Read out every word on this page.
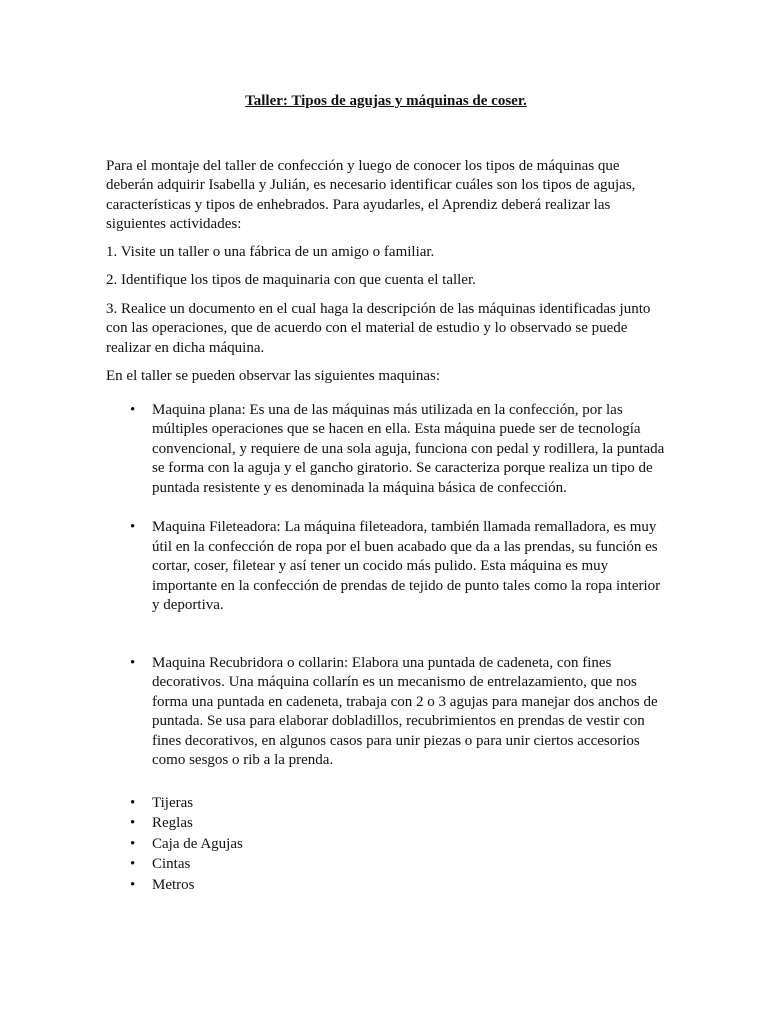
Taller: Tipos de agujas y máquinas de coser.

Para el montaje del taller de confección y luego de conocer los tipos de máquinas que deberán adquirir Isabella y Julián, es necesario identificar cuáles son los tipos de agujas, características y tipos de enhebrados. Para ayudarles, el Aprendiz deberá realizar las siguientes actividades:

1. Visite un taller o una fábrica de un amigo o familiar.

2. Identifique los tipos de maquinaria con que cuenta el taller.

3. Realice un documento en el cual haga la descripción de las máquinas identificadas junto con las operaciones, que de acuerdo con el material de estudio y lo observado se puede realizar en dicha máquina.

En el taller se pueden observar las siguientes maquinas:

• Maquina plana: Es una de las máquinas más utilizada en la confección, por las múltiples operaciones que se hacen en ella. Esta máquina puede ser de tecnología convencional, y requiere de una sola aguja, funciona con pedal y rodillera, la puntada se forma con la aguja y el gancho giratorio. Se caracteriza porque realiza un tipo de puntada resistente y es denominada la máquina básica de confección.
• Maquina Fileteadora: La máquina fileteadora, también llamada remalladora, es muy útil en la confección de ropa por el buen acabado que da a las prendas, su función es cortar, coser, filetear y así tener un cocido más pulido. Esta máquina es muy importante en la confección de prendas de tejido de punto tales como la ropa interior y deportiva.
• Maquina Recubridora o collarin: Elabora una puntada de cadeneta, con fines decorativos. Una máquina collarín es un mecanismo de entrelazamiento, que nos forma una puntada en cadeneta, trabaja con 2 o 3 agujas para manejar dos anchos de puntada. Se usa para elaborar dobladillos, recubrimientos en prendas de vestir con fines decorativos, en algunos casos para unir piezas o para unir ciertos accesorios como sesgos o rib a la prenda.
• Tijeras
• Reglas
• Caja de Agujas
• Cintas
• Metros
